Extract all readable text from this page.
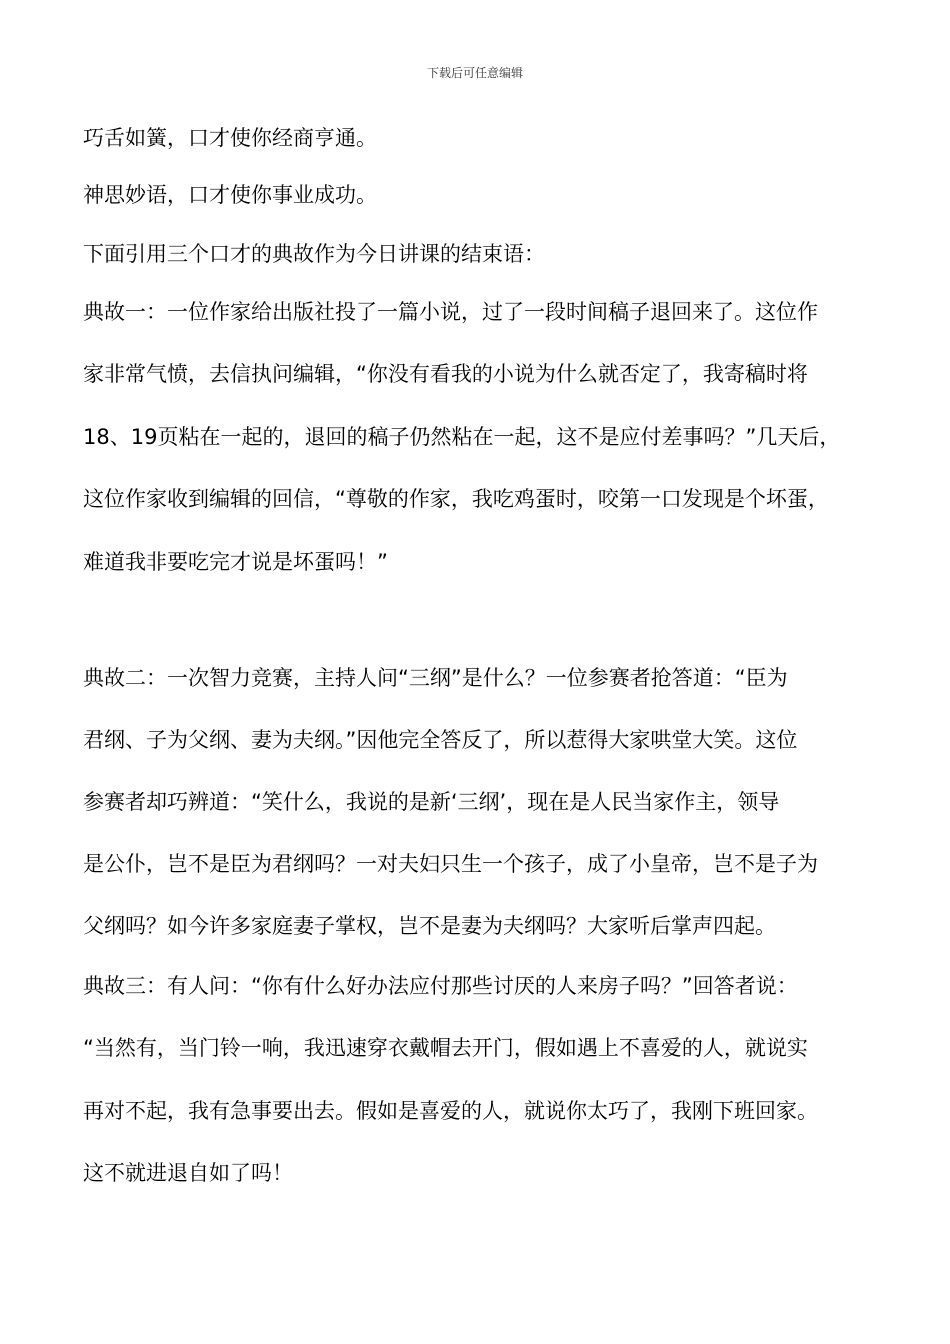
下载后可任意编辑
巧舌如簧，口才使你经商亨通。
神思妙语，口才使你事业成功。
下面引用三个口才的典故作为今日讲课的结束语：
典故一：一位作家给出版社投了一篇小说，过了一段时间稿子退回来了。这位作
家非常气愤，去信执问编辑，“你没有看我的小说为什么就否定了，我寄稿时将
18、19页粘在一起的，退回的稿子仍然粘在一起，这不是应付差事吗？”几天后，
这位作家收到编辑的回信，“尊敬的作家，我吃鸡蛋时，咬第一口发现是个坏蛋，
难道我非要吃完才说是坏蛋吗！”
典故二：一次智力竞赛，主持人问“三纲”是什么？一位参赛者抢答道：“臣为
君纲、子为父纲、妻为夫纲。”因他完全答反了，所以惹得大家哄堂大笑。这位
参赛者却巧辨道：“笑什么，我说的是新‘三纲’，现在是人民当家作主，领导
是公仆，岂不是臣为君纲吗？一对夫妇只生一个孩子，成了小皇帝，岂不是子为
父纲吗？如今许多家庭妻子掌权，岂不是妻为夫纲吗？大家听后掌声四起。
典故三：有人问：“你有什么好办法应付那些讨厌的人来房子吗？”回答者说：
“当然有，当门铃一响，我迅速穿衣戴帽去开门，假如遇上不喜爱的人，就说实
再对不起，我有急事要出去。假如是喜爱的人，就说你太巧了，我刚下班回家。
这不就进退自如了吗！
